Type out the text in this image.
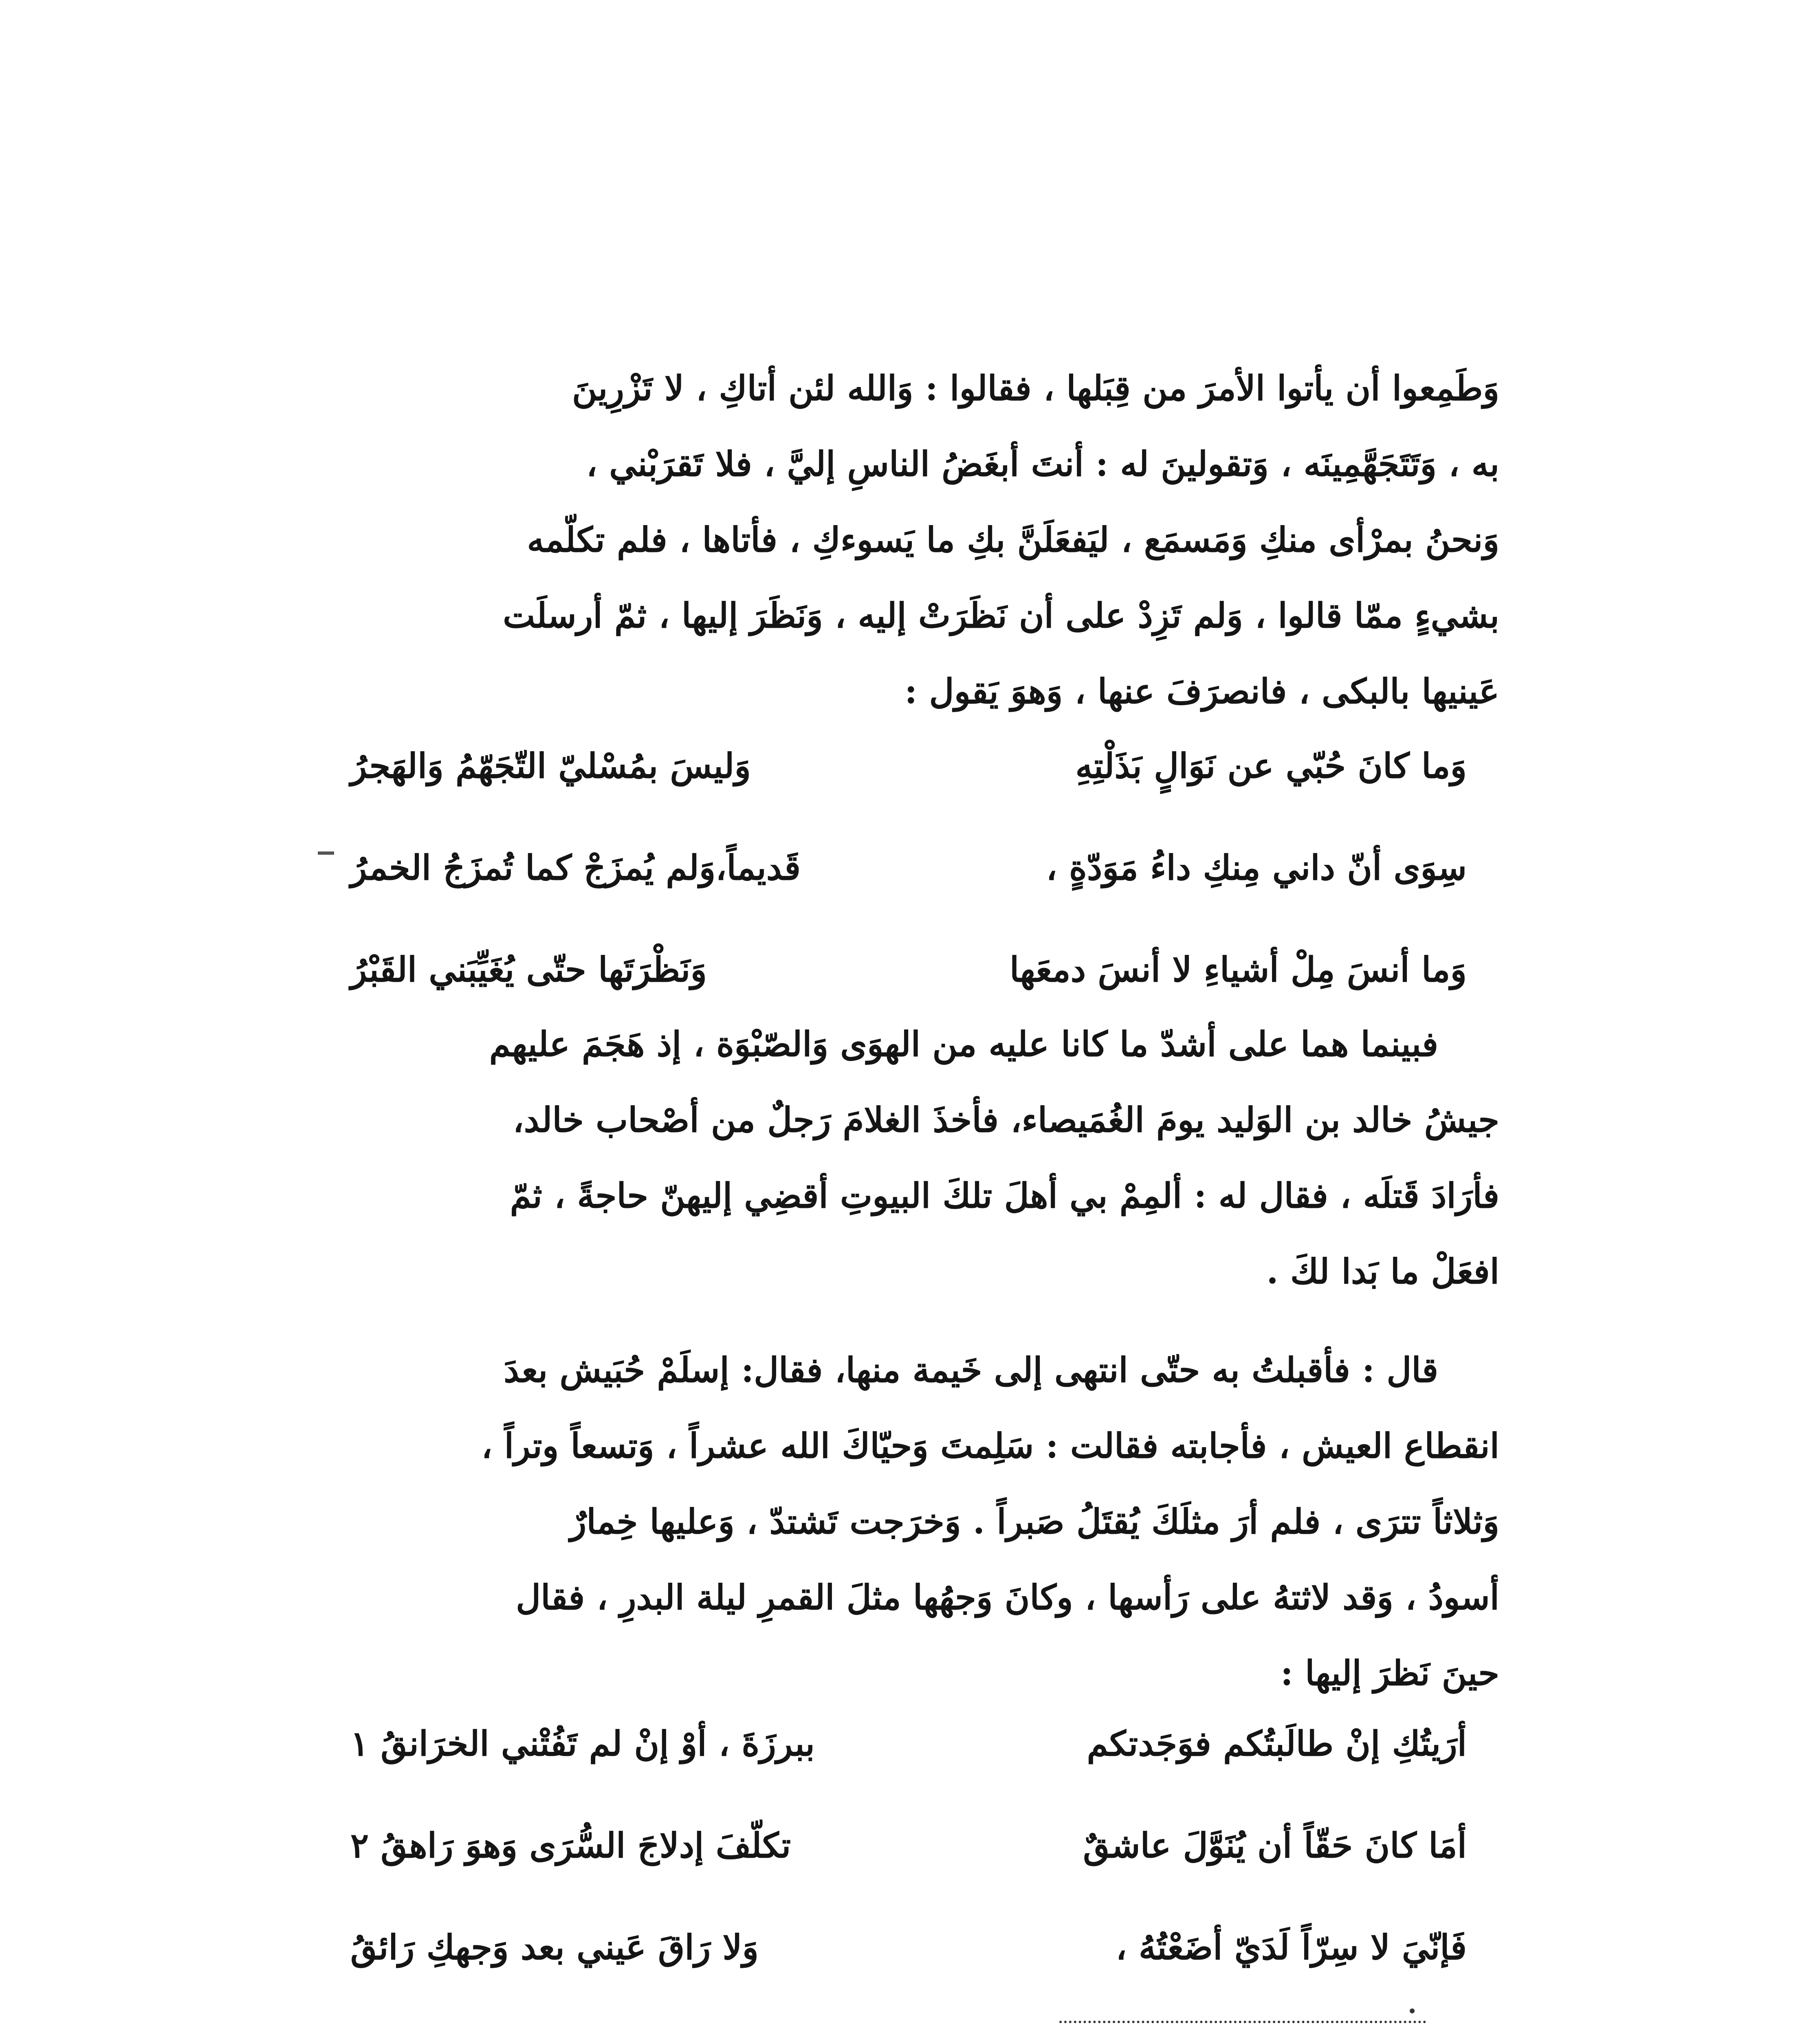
وَطَمِعوا أن يأتوا الأمرَ من قِبَلها ، فقالوا : وَالله لئن أتاكِ ، لا تَزْرِينَ

به ، وَتَتَجَهَّمِينَه ، وَتقولينَ له : أنتَ أبغَضُ الناسِ إليَّ ، فلا تَقرَبْني ،

وَنحنُ بمرْأى منكِ وَمَسمَع ، ليَفعَلَنَّ بكِ ما يَسوءكِ ، فأتاها ، فلم تكلّمه

بشيءٍ ممّا قالوا ، وَلم تَزِدْ على أن نَظَرَتْ إليه ، وَنَظَرَ إليها ، ثمّ أرسلَت

عَينيها بالبكى ، فانصرَفَ عنها ، وَهوَ يَقول :

وَما كانَ حُبّي عن نَوَالٍ بَذَلْتِهِ
وَليسَ بمُسْليّ التّجَهّمُ وَالهَجرُ
سِوَى أنّ داني مِنكِ داءُ مَوَدّةٍ ،
قَديماً،وَلم يُمزَجْ كما تُمزَجُ الخمرُ
وَما أنسَ مِلْ أشياءِ لا أنسَ دمعَها
وَنَظْرَتَها حتّى يُغَيِّبَني القَبْرُ

فبينما هما على أشدّ ما كانا عليه من الهوَى وَالصّبْوَة ، إذ هَجَمَ عليهم

جيشُ خالد بن الوَليد يومَ الغُمَيصاء، فأخذَ الغلامَ رَجلٌ من أصْحاب خالد،

فأرَادَ قَتلَه ، فقال له : ألمِمْ بي أهلَ تلكَ البيوتِ أقضِي إليهنّ حاجةً ، ثمّ

افعَلْ ما بَدا لكَ .

قال : فأقبلتُ به حتّى انتهى إلى خَيمة منها، فقال: إسلَمْ حُبَيش بعدَ

انقطاع العيش ، فأجابته فقالت : سَلِمتَ وَحيّاكَ الله عشراً ، وَتسعاً وتراً ،

وَثلاثاً تترَى ، فلم أرَ مثلَكَ يُقتَلُ صَبراً . وَخرَجت تَشتدّ ، وَعليها خِمارٌ

أسودُ ، وَقد لاثتهُ على رَأسها ، وكانَ وَجهُها مثلَ القمرِ ليلة البدرِ ، فقال

حينَ نَظرَ إليها :

أرَيتُكِ إنْ طالَبتُكم فوَجَدتكم
ببرزَةَ ، أوْ إنْ لم تَفُتْني الخرَانقُ ١
أمَا كانَ حَقّاً أن يُنَوَّلَ عاشقٌ
تكلّفَ إدلاجَ السُّرَى وَهوَ رَاهقُ ٢
فَإنّيَ لا سِرّاً لَدَيّ أضَعْتُهُ ،
وَلا رَاقَ عَيني بعد وَجهكِ رَائقُ
